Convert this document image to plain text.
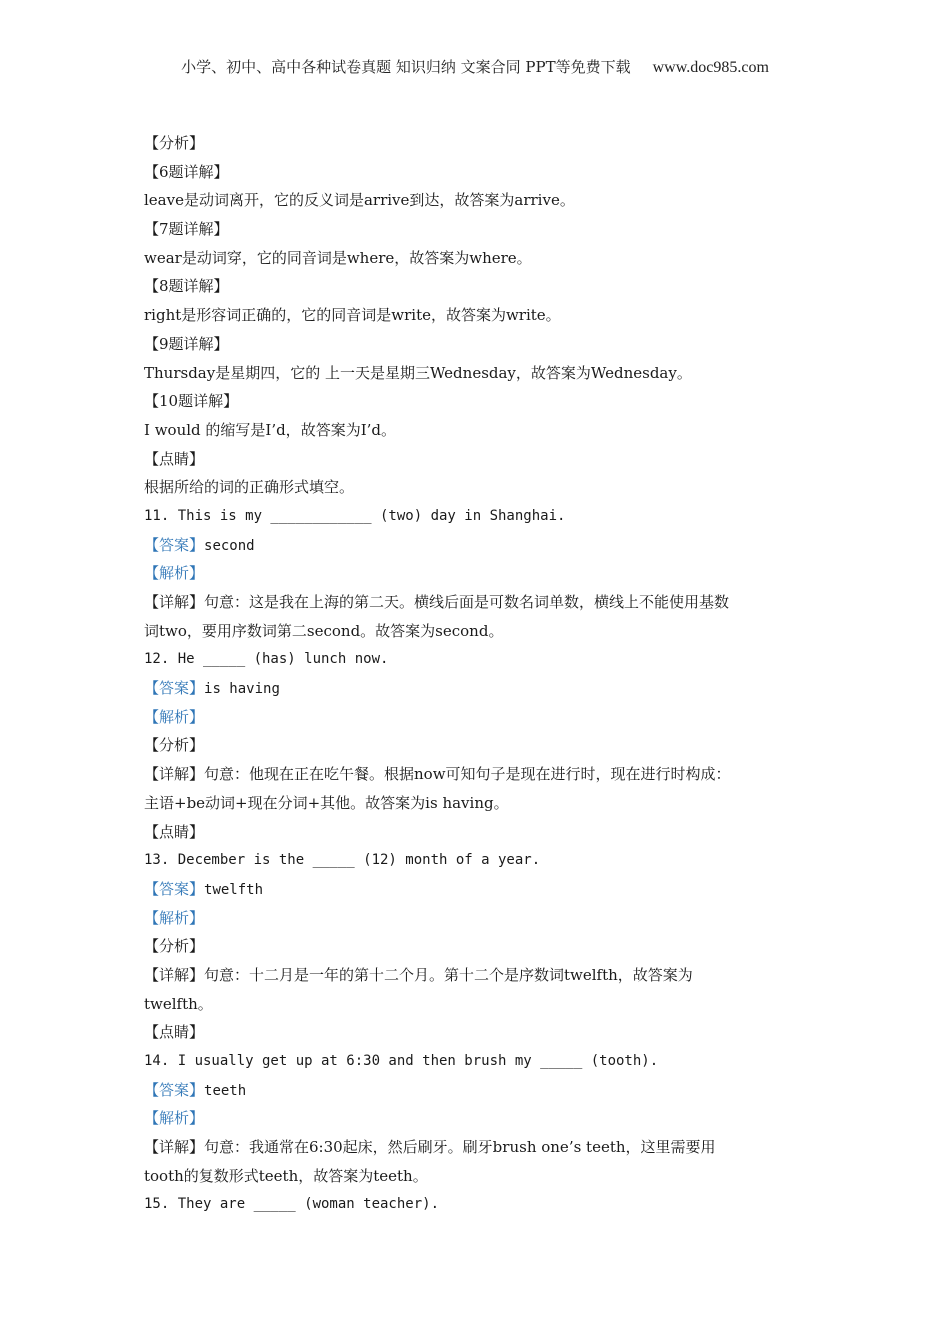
小学、初中、高中各种试卷真题 知识归纳 文案合同 PPT等免费下载 www.doc985.com
【分析】
【6题详解】
leave是动词离开，它的反义词是arrive到达，故答案为arrive。
【7题详解】
wear是动词穿，它的同音词是where，故答案为where。
【8题详解】
right是形容词正确的，它的同音词是write，故答案为write。
【9题详解】
Thursday是星期四，它的 上一天是星期三Wednesday，故答案为Wednesday。
【10题详解】
I would 的缩写是I’d，故答案为I’d。
【点睛】
根据所给的词的正确形式填空。
11. This is my ____________ (two) day in Shanghai.
【答案】second
【解析】
【详解】句意：这是我在上海的第二天。横线后面是可数名词单数，横线上不能使用基数
词two，要用序数词第二second。故答案为second。
12. He _____ (has) lunch now.
【答案】is having
【解析】
【分析】
【详解】句意：他现在正在吃午餐。根据now可知句子是现在进行时，现在进行时构成：
主语+be动词+现在分词+其他。故答案为is having。
【点睛】
13. December is the _____ (12) month of a year.
【答案】twelfth
【解析】
【分析】
【详解】句意：十二月是一年的第十二个月。第十二个是序数词twelfth，故答案为
twelfth。
【点睛】
14. I usually get up at 6:30 and then brush my _____ (tooth).
【答案】teeth
【解析】
【详解】句意：我通常在6:30起床，然后刷牙。刷牙brush one’s teeth，这里需要用
tooth的复数形式teeth，故答案为teeth。
15. They are _____ (woman teacher).
